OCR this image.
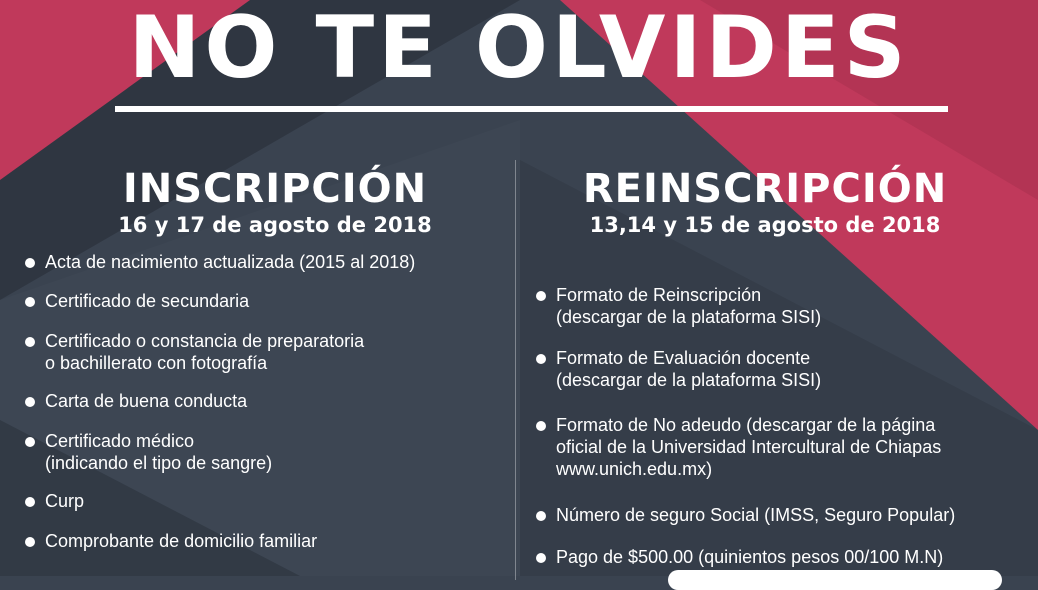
NO TE OLVIDES
INSCRIPCIÓN
16 y 17 de agosto de 2018
REINSCRIPCIÓN
13,14 y 15 de agosto de 2018
Acta de nacimiento actualizada (2015 al 2018)
Certificado de secundaria
Certificado o constancia de preparatoria
o bachillerato con fotografía
Carta de buena conducta
Certificado médico
(indicando el tipo de sangre)
Curp
Comprobante de domicilio familiar
Formato de Reinscripción
(descargar de la plataforma SISI)
Formato de Evaluación docente
(descargar de la plataforma SISI)
Formato de No adeudo (descargar de la página
oficial de la Universidad Intercultural de Chiapas
www.unich.edu.mx)
Número de seguro Social (IMSS, Seguro Popular)
Pago de $500.00 (quinientos pesos 00/100 M.N)
